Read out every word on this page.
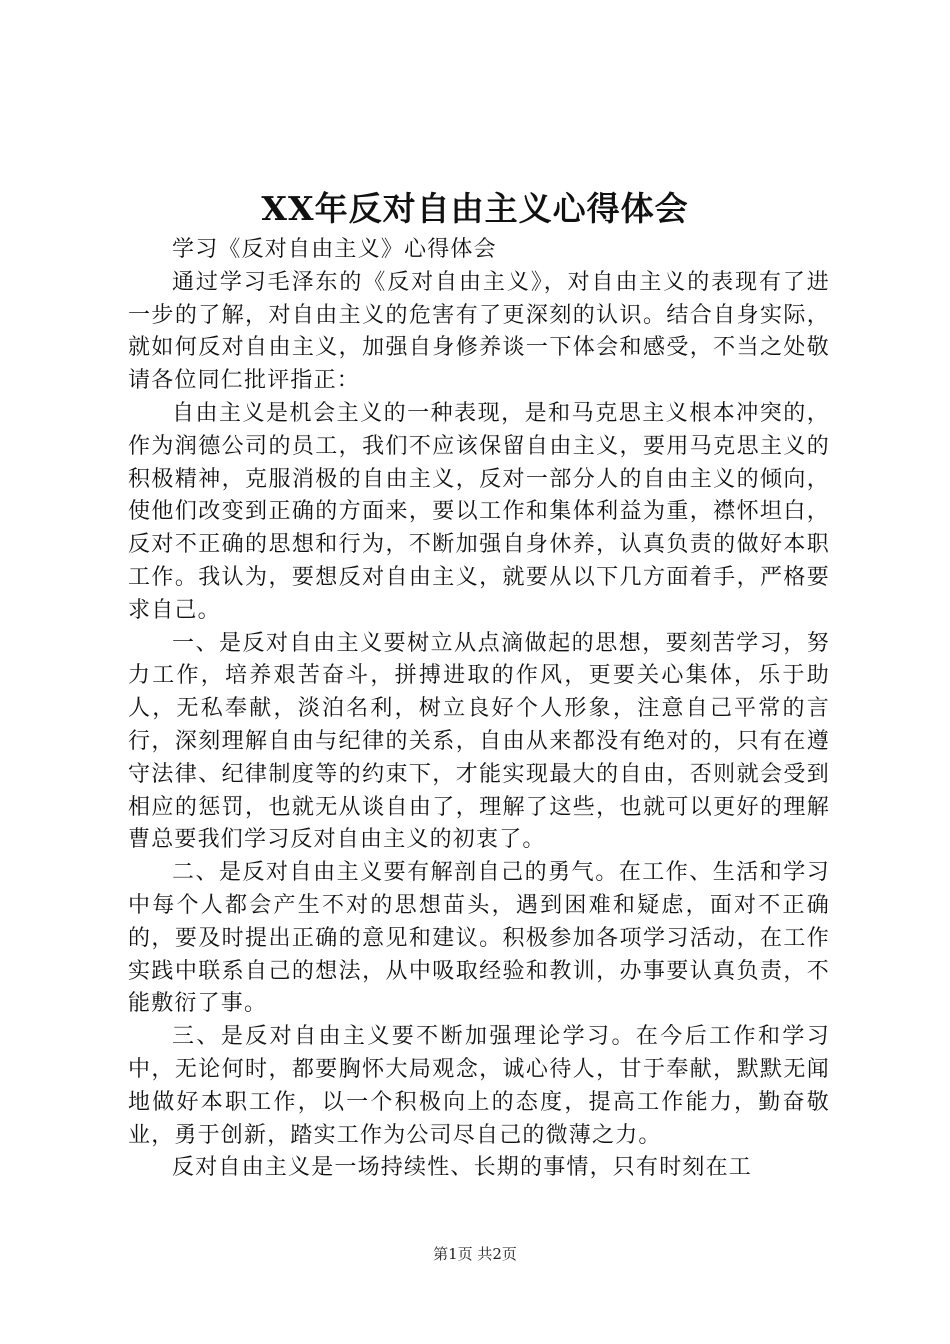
XX年反对自由主义心得体会

学习《反对自由主义》心得体会

通过学习毛泽东的《反对自由主义》，对自由主义的表现有了进一步的了解，对自由主义的危害有了更深刻的认识。结合自身实际，就如何反对自由主义，加强自身修养谈一下体会和感受，不当之处敬请各位同仁批评指正：

自由主义是机会主义的一种表现，是和马克思主义根本冲突的，作为润德公司的员工，我们不应该保留自由主义，要用马克思主义的积极精神，克服消极的自由主义，反对一部分人的自由主义的倾向，使他们改变到正确的方面来，要以工作和集体利益为重，襟怀坦白，反对不正确的思想和行为，不断加强自身休养，认真负责的做好本职工作。我认为，要想反对自由主义，就要从以下几方面着手，严格要求自己。

一、是反对自由主义要树立从点滴做起的思想，要刻苦学习，努力工作，培养艰苦奋斗，拼搏进取的作风，更要关心集体，乐于助人，无私奉献，淡泊名利，树立良好个人形象，注意自己平常的言行，深刻理解自由与纪律的关系，自由从来都没有绝对的，只有在遵守法律、纪律制度等的约束下，才能实现最大的自由，否则就会受到相应的惩罚，也就无从谈自由了，理解了这些，也就可以更好的理解曹总要我们学习反对自由主义的初衷了。

二、是反对自由主义要有解剖自己的勇气。在工作、生活和学习中每个人都会产生不对的思想苗头，遇到困难和疑虑，面对不正确的，要及时提出正确的意见和建议。积极参加各项学习活动，在工作实践中联系自己的想法，从中吸取经验和教训，办事要认真负责，不能敷衍了事。

三、是反对自由主义要不断加强理论学习。在今后工作和学习中，无论何时，都要胸怀大局观念，诚心待人，甘于奉献，默默无闻地做好本职工作，以一个积极向上的态度，提高工作能力，勤奋敬业，勇于创新，踏实工作为公司尽自己的微薄之力。

反对自由主义是一场持续性、长期的事情，只有时刻在工

第1页 共2页
